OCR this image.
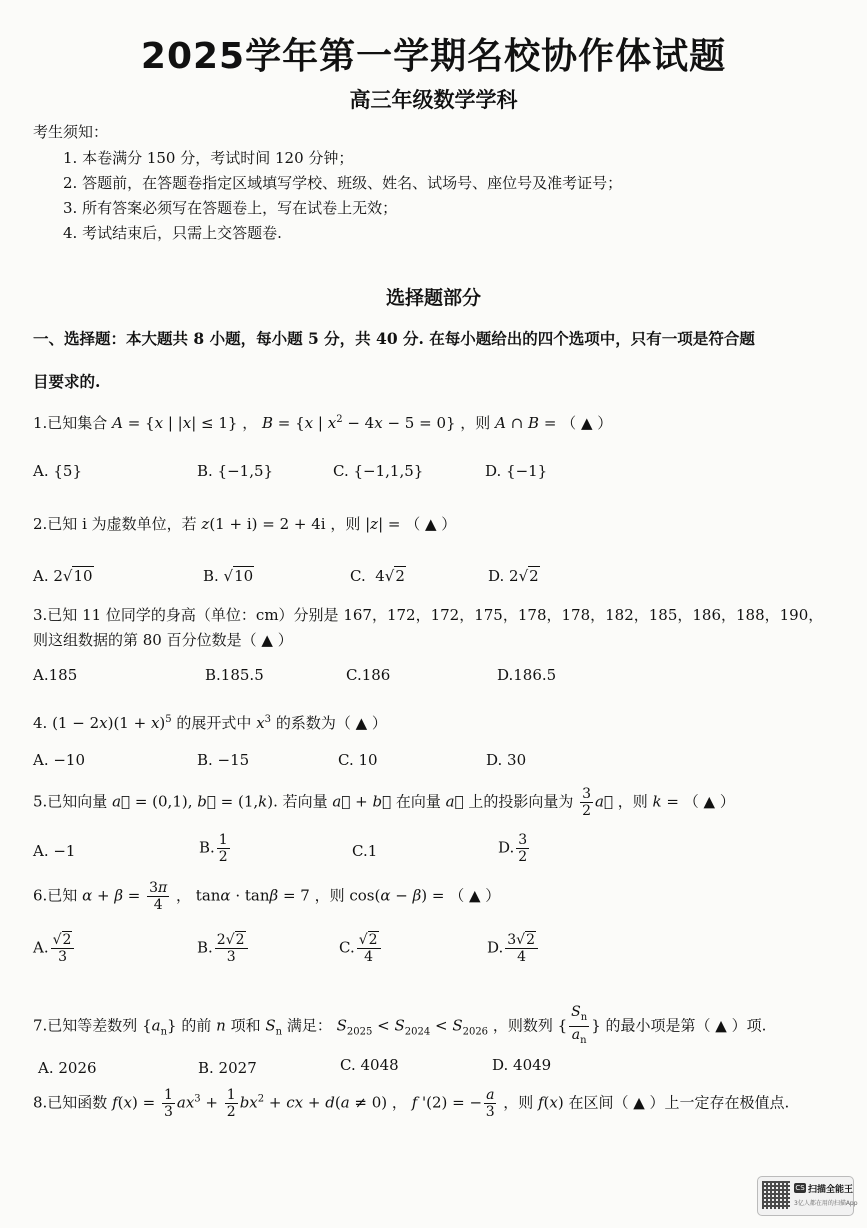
2025学年第一学期名校协作体试题
高三年级数学学科
考生须知：
1. 本卷满分 150 分，考试时间 120 分钟；
2. 答题前，在答题卷指定区域填写学校、班级、姓名、试场号、座位号及准考证号；
3. 所有答案必须写在答题卷上，写在试卷上无效；
4. 考试结束后，只需上交答题卷.
选择题部分
一、选择题：本大题共 8 小题，每小题 5 分，共 40 分. 在每小题给出的四个选项中，只有一项是符合题
目要求的.
1.已知集合 A = {x | |x| ≤ 1} ， B = {x | $x^2 - 4x - 5 = 0$} ，则 A ∩ B = （ ▲ ）
A. {5}	B. {−1,5}	C. {−1,1,5}	D. {−1}
2.已知 i 为虚数单位，若 z(1 + i) = 2 + 4i ，则 |z| = （ ▲ ）
A. 2√10	B. √10	C.  4√2	D. 2√2
3.已知 11 位同学的身高（单位：cm）分别是 167，172，172，175，178，178，182，185，186，188，190，
则这组数据的第 80 百分位数是（ ▲ ）
A.185	B.185.5	C.186	D.186.5
4. $(1 - 2x)(1 + x)^5$ 的展开式中 $x^3$ 的系数为（ ▲ ）
A. −10	B. −15	C. 10	D. 30
5.已知向量 a⃗ = (0,1), b⃗ = (1,k). 若向量 a⃗ + b⃗ 在向量 a⃗ 上的投影向量为 $\frac{3}{2}$ a⃗ ，则 k = （ ▲ ）
A. −1	B. $\frac{1}{2}$	C.1	D. $\frac{3}{2}$
6.已知 $\alpha + \beta = \frac{3\pi}{4}$ ， tanα · tanβ = 7 ，则 cos(α − β) = （ ▲ ）
A. $\frac{√2}{3}$	B. $\frac{2√2}{3}$	C. $\frac{√2}{4}$	D. $\frac{3√2}{4}$
7.已知等差数列 $\{a_n\}$ 的前 n 项和 $S_n$ 满足： $S_{2025} < S_{2024} < S_{2026}$ ，则数列 { $\frac{S_n}{a_n}$ } 的最小项是第（ ▲ ）项.
A. 2026	B. 2027	C. 4048	D. 4049
8.已知函数 $f(x) = \frac{1}{3} ax^3 + \frac{1}{2} bx^2$ + cx + d(a ≠ 0) ， f '(2) = − $\frac{a}{3}$ ，则 f(x) 在区间（ ▲ ）上一定存在极值点.
CS 扫描全能王
3亿人都在用的扫描App
